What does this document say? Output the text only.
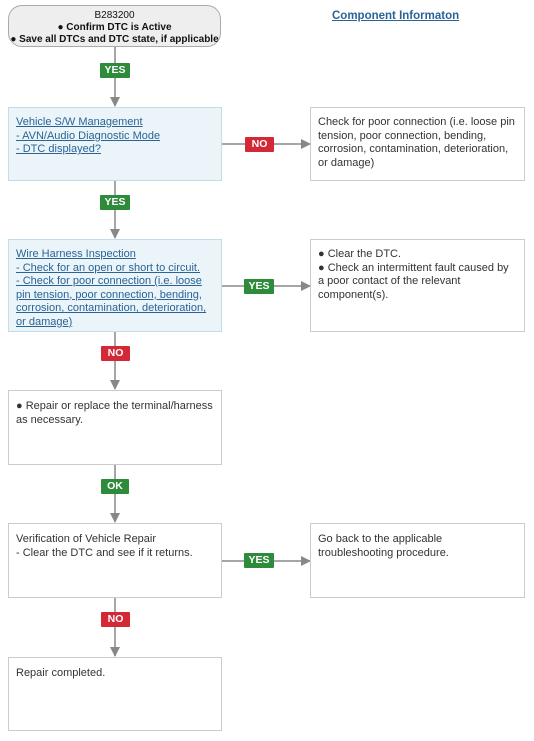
B283200
● Confirm DTC is Active
● Save all DTCs and DTC state, if applicable
Component Informaton

Vehicle S/W Management

- AVN/Audio Diagnostic Mode

- DTC displayed?

Check for poor connection (i.e. loose pin tension, poor connection, bending, corrosion, contamination, deterioration, or damage)

Wire Harness Inspection

- Check for an open or short to circuit.

- Check for poor connection (i.e. loose pin tension, poor connection, bending, corrosion, contamination, deterioration, or damage)

● Clear the DTC.

● Check an intermittent fault caused by a poor contact of the relevant component(s).

● Repair or replace the terminal/harness as necessary.

Verification of Vehicle Repair

- Clear the DTC and see if it returns.

Go back to the applicable troubleshooting procedure.

Repair completed.

YES
NO
YES
YES
NO
OK
YES
NO
